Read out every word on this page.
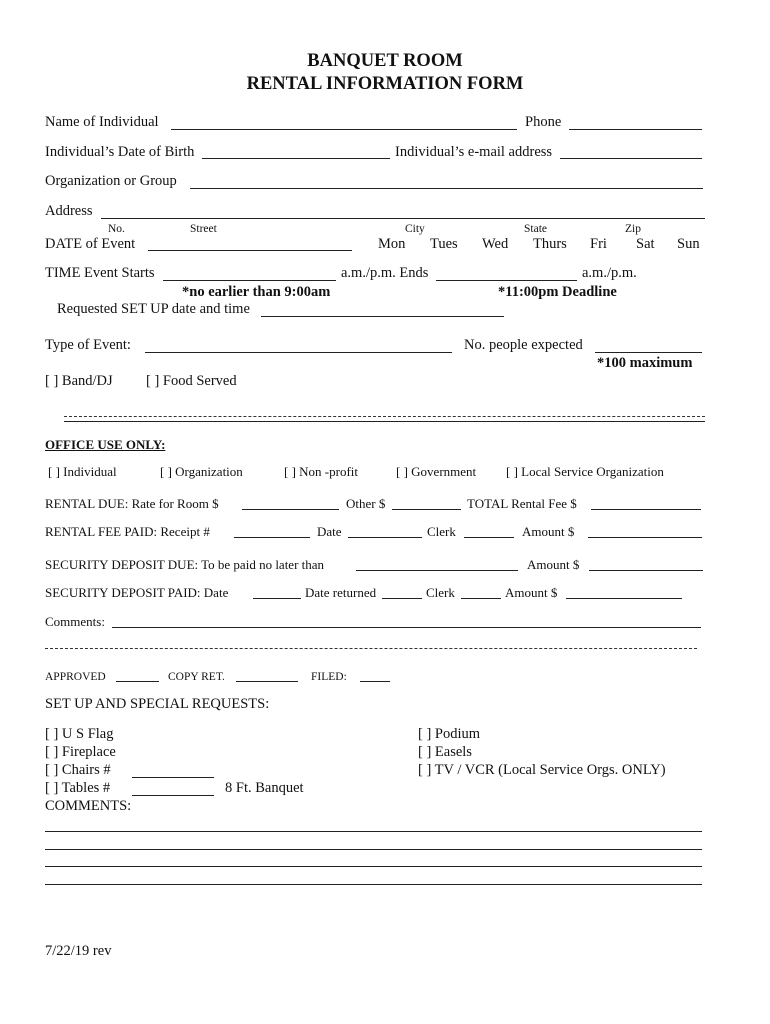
BANQUET ROOM
RENTAL INFORMATION FORM
Name of Individual	Phone
Individual’s Date of Birth	Individual’s e-mail address
Organization or Group
Address
No.	Street	City	State	Zip
DATE of Event	Mon Tues Wed Thurs Fri Sat Sun
TIME Event Starts	a.m./p.m. Ends	a.m./p.m.
*no earlier than 9:00am	*11:00pm Deadline
Requested SET UP date and time
Type of Event:	No. people expected
*100 maximum
[ ] Band/DJ [ ] Food Served
OFFICE USE ONLY:
[ ] Individual	[ ] Organization	[ ] Non -profit	[ ] Government [ ] Local Service Organization
RENTAL DUE: Rate for Room $	Other $	TOTAL Rental Fee $
RENTAL FEE PAID: Receipt #	Date	Clerk	Amount $
SECURITY DEPOSIT DUE: To be paid no later than	Amount $
SECURITY DEPOSIT PAID: Date	Date returned	Clerk	Amount $
Comments:
APPROVED	COPY RET.	FILED:
SET UP AND SPECIAL REQUESTS:
[ ] U S Flag
[ ] Fireplace
[ ] Chairs #
[ ] Tables #	8 Ft. Banquet
[ ] Podium
[ ] Easels
[ ] TV / VCR (Local Service Orgs. ONLY)
COMMENTS:
7/22/19 rev
